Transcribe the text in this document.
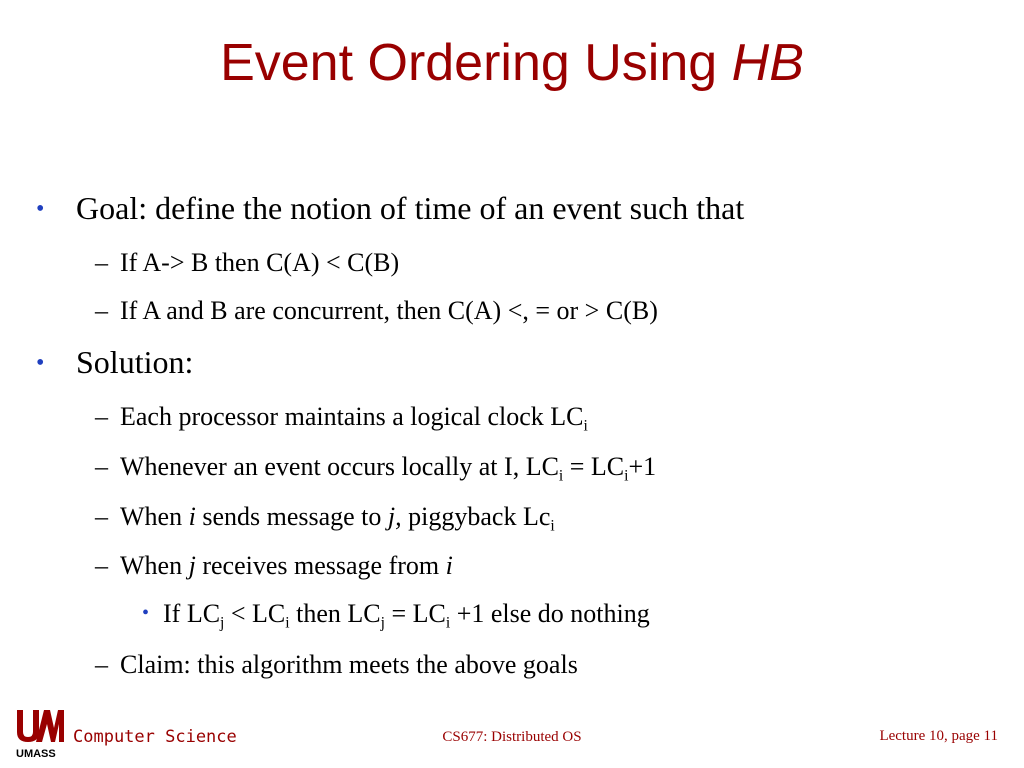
Event Ordering Using HB
• Goal: define the notion of time of an event such that
– If A-> B then C(A) < C(B)
– If A and B are concurrent, then C(A) <, = or > C(B)
• Solution:
– Each processor maintains a logical clock $LC_i$
– Whenever an event occurs locally at I, $LC_i = LC_i+1$
– When i sends message to j, piggyback $Lc_i$
– When j receives message from i
• If $LC_j < LC_i$ then $LC_j = LC_i +1$ else do nothing
– Claim: this algorithm meets the above goals
UMASS
Computer Science	CS677: Distributed OS	Lecture 10, page 11
